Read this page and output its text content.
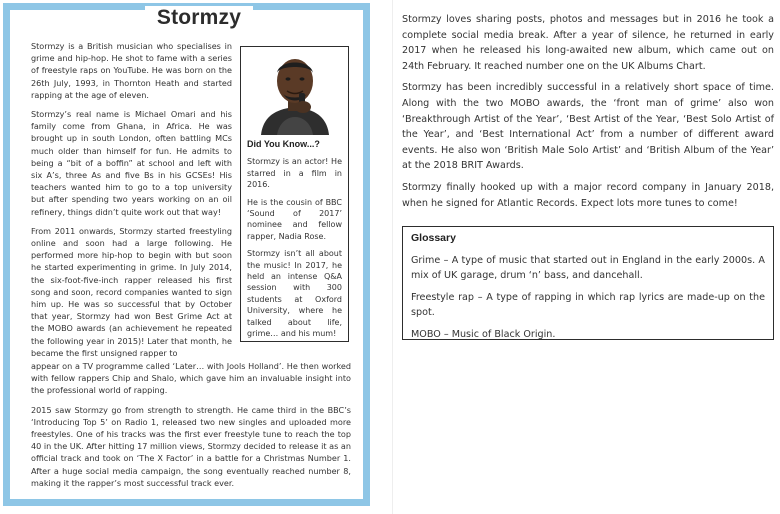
Stormzy

Stormzy is a British musician who specialises in grime and hip-hop. He shot to fame with a series of freestyle raps on YouTube. He was born on the 26th July, 1993, in Thornton Heath and started rapping at the age of eleven.

Stormzy’s real name is Michael Omari and his family come from Ghana, in Africa. He was brought up in south London, often battling MCs much older than himself for fun. He admits to being a “bit of a boffin” at school and left with six A’s, three As and five Bs in his GCSEs! His teachers wanted him to go to a top university but after spending two years working on an oil refinery, things didn’t quite work out that way!

From 2011 onwards, Stormzy started freestyling online and soon had a large following. He performed more hip-hop to begin with but soon he started experimenting in grime. In July 2014, the six-foot-five-inch rapper released his first song and soon, record companies wanted to sign him up. He was so successful that by October that year, Stormzy had won Best Grime Act at the MOBO awards (an achievement he repeated the following year in 2015)! Later that month, he became the first unsigned rapper to

appear on a TV programme called ‘Later… with Jools Holland’. He then worked with fellow rappers Chip and Shalo, which gave him an invaluable insight into the professional world of rapping.

2015 saw Stormzy go from strength to strength. He came third in the BBC’s ‘Introducing Top 5’ on Radio 1, released two new singles and uploaded more freestyles. One of his tracks was the first ever freestyle tune to reach the top 40 in the UK. After hitting 17 million views, Stormzy decided to release it as an official track and took on ‘The X Factor’ in a battle for a Christmas Number 1. After a huge social media campaign, the song eventually reached number 8, making it the rapper’s most successful track ever.

Did You Know...?

Stormzy is an actor! He starred in a film in 2016.

He is the cousin of BBC ‘Sound of 2017’ nominee and fellow rapper, Nadia Rose.

Stormzy isn’t all about the music! In 2017, he held an intense Q&A session with 300 students at Oxford University, where he talked about life, grime… and his mum!

Stormzy loves sharing posts, photos and messages but in 2016 he took a complete social media break. After a year of silence, he returned in early 2017 when he released his long-awaited new album, which came out on 24th February. It reached number one on the UK Albums Chart.

Stormzy has been incredibly successful in a relatively short space of time. Along with the two MOBO awards, the ‘front man of grime’ also won ‘Breakthrough Artist of the Year’, ‘Best Artist of the Year, ‘Best Solo Artist of the Year’, and ‘Best International Act’ from a number of different award events. He also won ‘British Male Solo Artist’ and ‘British Album of the Year’ at the 2018 BRIT Awards.

Stormzy finally hooked up with a major record company in January 2018, when he signed for Atlantic Records. Expect lots more tunes to come!

Glossary

Grime – A type of music that started out in England in the early 2000s. A mix of UK garage, drum ‘n’ bass, and dancehall.

Freestyle rap – A type of rapping in which rap lyrics are made-up on the spot.

MOBO – Music of Black Origin.
